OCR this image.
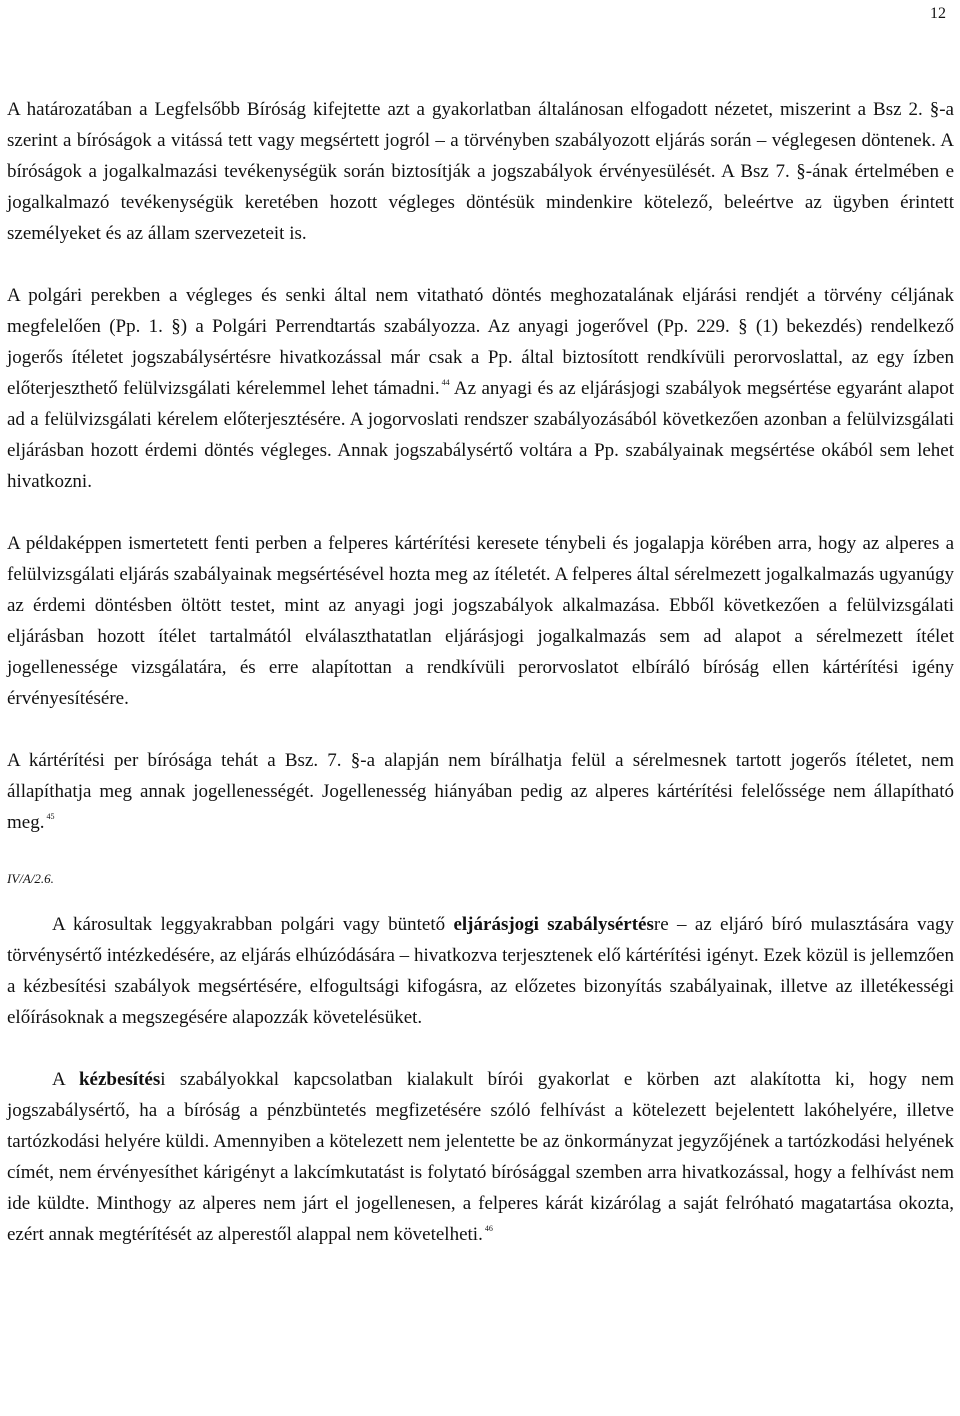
12

A határozatában a Legfelsőbb Bíróság kifejtette azt a gyakorlatban általánosan elfogadott nézetet, miszerint a Bsz 2. §-a szerint a bíróságok a vitássá tett vagy megsértett jogról – a törvényben szabályozott eljárás során – véglegesen döntenek. A bíróságok a jogalkalmazási tevékenységük során biztosítják a jogszabályok érvényesülését. A Bsz 7. §-ának értelmében e jogalkalmazó tevékenységük keretében hozott végleges döntésük mindenkire kötelező, beleértve az ügyben érintett személyeket és az állam szervezeteit is.

A polgári perekben a végleges és senki által nem vitatható döntés meghozatalának eljárási rendjét a törvény céljának megfelelően (Pp. 1. §) a Polgári Perrendtartás szabályozza. Az anyagi jogerővel (Pp. 229. § (1) bekezdés) rendelkező jogerős ítéletet jogszabálysértésre hivatkozással már csak a Pp. által biztosított rendkívüli perorvoslattal, az egy ízben előterjeszthető felülvizsgálati kérelemmel lehet támadni. $^{44}$ Az anyagi és az eljárásjogi szabályok megsértése egyaránt alapot ad a felülvizsgálati kérelem előterjesztésére. A jogorvoslati rendszer szabályozásából következően azonban a felülvizsgálati eljárásban hozott érdemi döntés végleges. Annak jogszabálysértő voltára a Pp. szabályainak megsértése okából sem lehet hivatkozni.

A példaképpen ismertetett fenti perben a felperes kártérítési keresete ténybeli és jogalapja körében arra, hogy az alperes a felülvizsgálati eljárás szabályainak megsértésével hozta meg az ítéletét. A felperes által sérelmezett jogalkalmazás ugyanúgy az érdemi döntésben öltött testet, mint az anyagi jogi jogszabályok alkalmazása. Ebből következően a felülvizsgálati eljárásban hozott ítélet tartalmától elválaszthatatlan eljárásjogi jogalkalmazás sem ad alapot a sérelmezett ítélet jogellenessége vizsgálatára, és erre alapítottan a rendkívüli perorvoslatot elbíráló bíróság ellen kártérítési igény érvényesítésére.

A kártérítési per bírósága tehát a Bsz. 7. §-a alapján nem bírálhatja felül a sérelmesnek tartott jogerős ítéletet, nem állapíthatja meg annak jogellenességét. Jogellenesség hiányában pedig az alperes kártérítési felelőssége nem állapítható meg. $^{45}$

IV/A/2.6.

A károsultak leggyakrabban polgári vagy büntető eljárásjogi szabálysértésre – az eljáró bíró mulasztására vagy törvénysértő intézkedésére, az eljárás elhúzódására – hivatkozva terjesztenek elő kártérítési igényt. Ezek közül is jellemzően a kézbesítési szabályok megsértésére, elfogultsági kifogásra, az előzetes bizonyítás szabályainak, illetve az illetékességi előírásoknak a megszegésére alapozzák követelésüket.

A kézbesítési szabályokkal kapcsolatban kialakult bírói gyakorlat e körben azt alakította ki, hogy nem jogszabálysértő, ha a bíróság a pénzbüntetés megfizetésére szóló felhívást a kötelezett bejelentett lakóhelyére, illetve tartózkodási helyére küldi. Amennyiben a kötelezett nem jelentette be az önkormányzat jegyzőjének a tartózkodási helyének címét, nem érvényesíthet kárigényt a lakcímkutatást is folytató bírósággal szemben arra hivatkozással, hogy a felhívást nem ide küldte. Minthogy az alperes nem járt el jogellenesen, a felperes kárát kizárólag a saját felróható magatartása okozta, ezért annak megtérítését az alperestől alappal nem követelheti. $^{46}$
